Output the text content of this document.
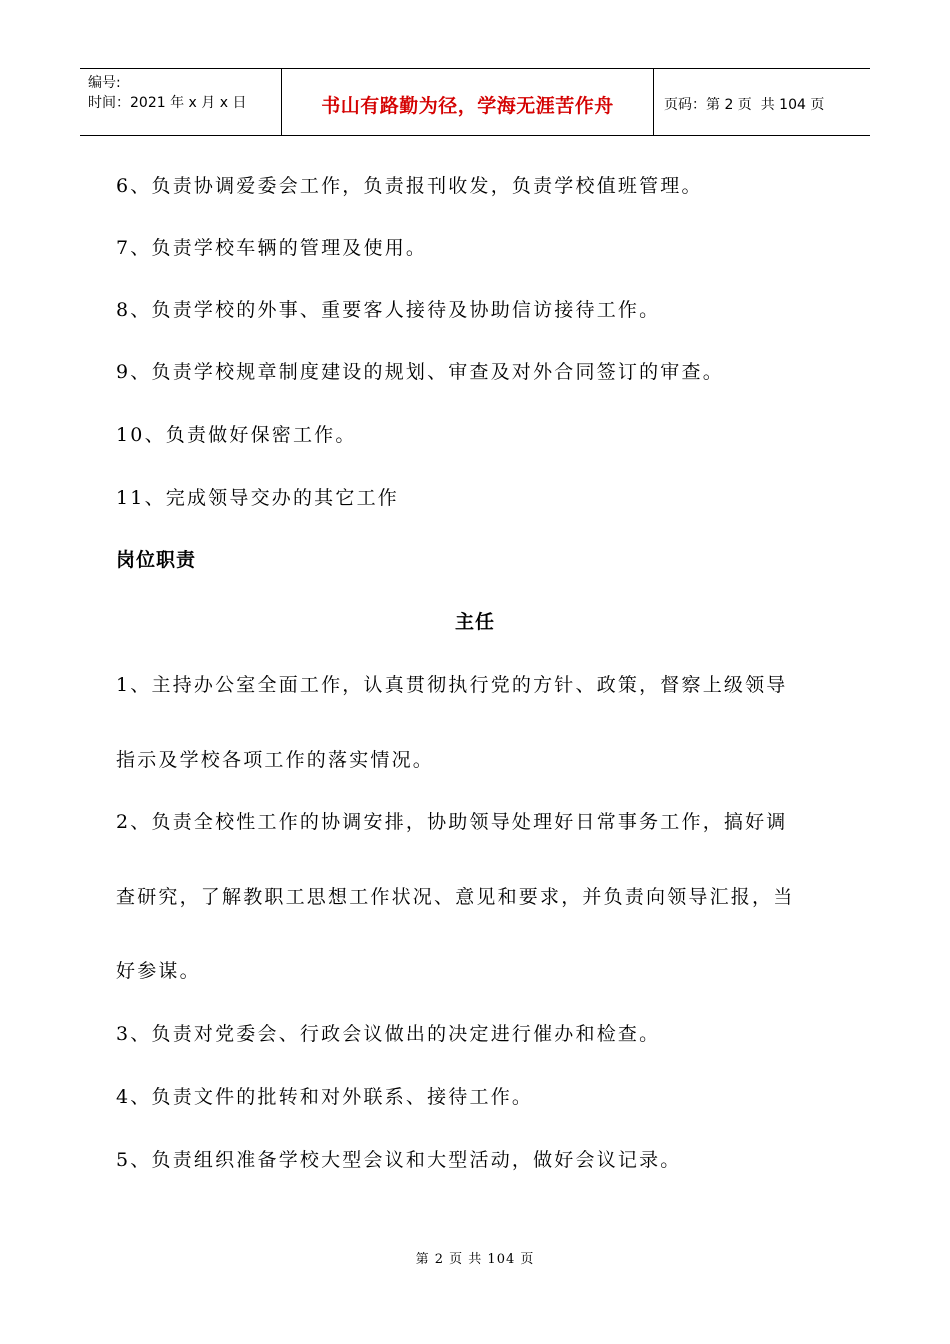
编号:
时间：2021 年 x 月 x 日	书山有路勤为径，学海无涯苦作舟	页码：第 2 页  共 104 页
6、负责协调爱委会工作，负责报刊收发，负责学校值班管理。
7、负责学校车辆的管理及使用。
8、负责学校的外事、重要客人接待及协助信访接待工作。
9、负责学校规章制度建设的规划、审查及对外合同签订的审查。
10、负责做好保密工作。
11、完成领导交办的其它工作
岗位职责
主任
1、主持办公室全面工作，认真贯彻执行党的方针、政策，督察上级领导
指示及学校各项工作的落实情况。
2、负责全校性工作的协调安排，协助领导处理好日常事务工作，搞好调
查研究，了解教职工思想工作状况、意见和要求，并负责向领导汇报，当
好参谋。
3、负责对党委会、行政会议做出的决定进行催办和检查。
4、负责文件的批转和对外联系、接待工作。
5、负责组织准备学校大型会议和大型活动，做好会议记录。
第 2 页 共 104 页
